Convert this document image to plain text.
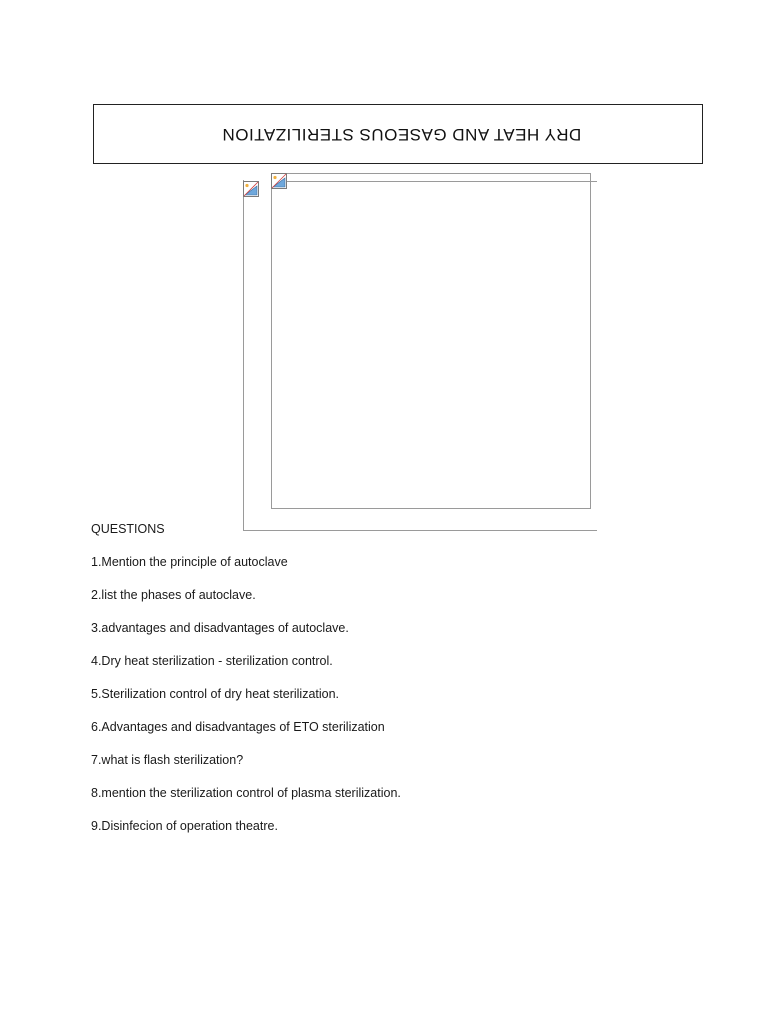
DRY HEAT AND GASEOUS STERILIZATION
QUESTIONS
1.Mention the principle of autoclave
2.list the phases of autoclave.
3.advantages and disadvantages of autoclave.
4.Dry heat sterilization - sterilization control.
5.Sterilization control of dry heat sterilization.
6.Advantages and disadvantages of ETO sterilization
7.what is flash sterilization?
8.mention the sterilization control of plasma sterilization.
9.Disinfecion of operation theatre.
